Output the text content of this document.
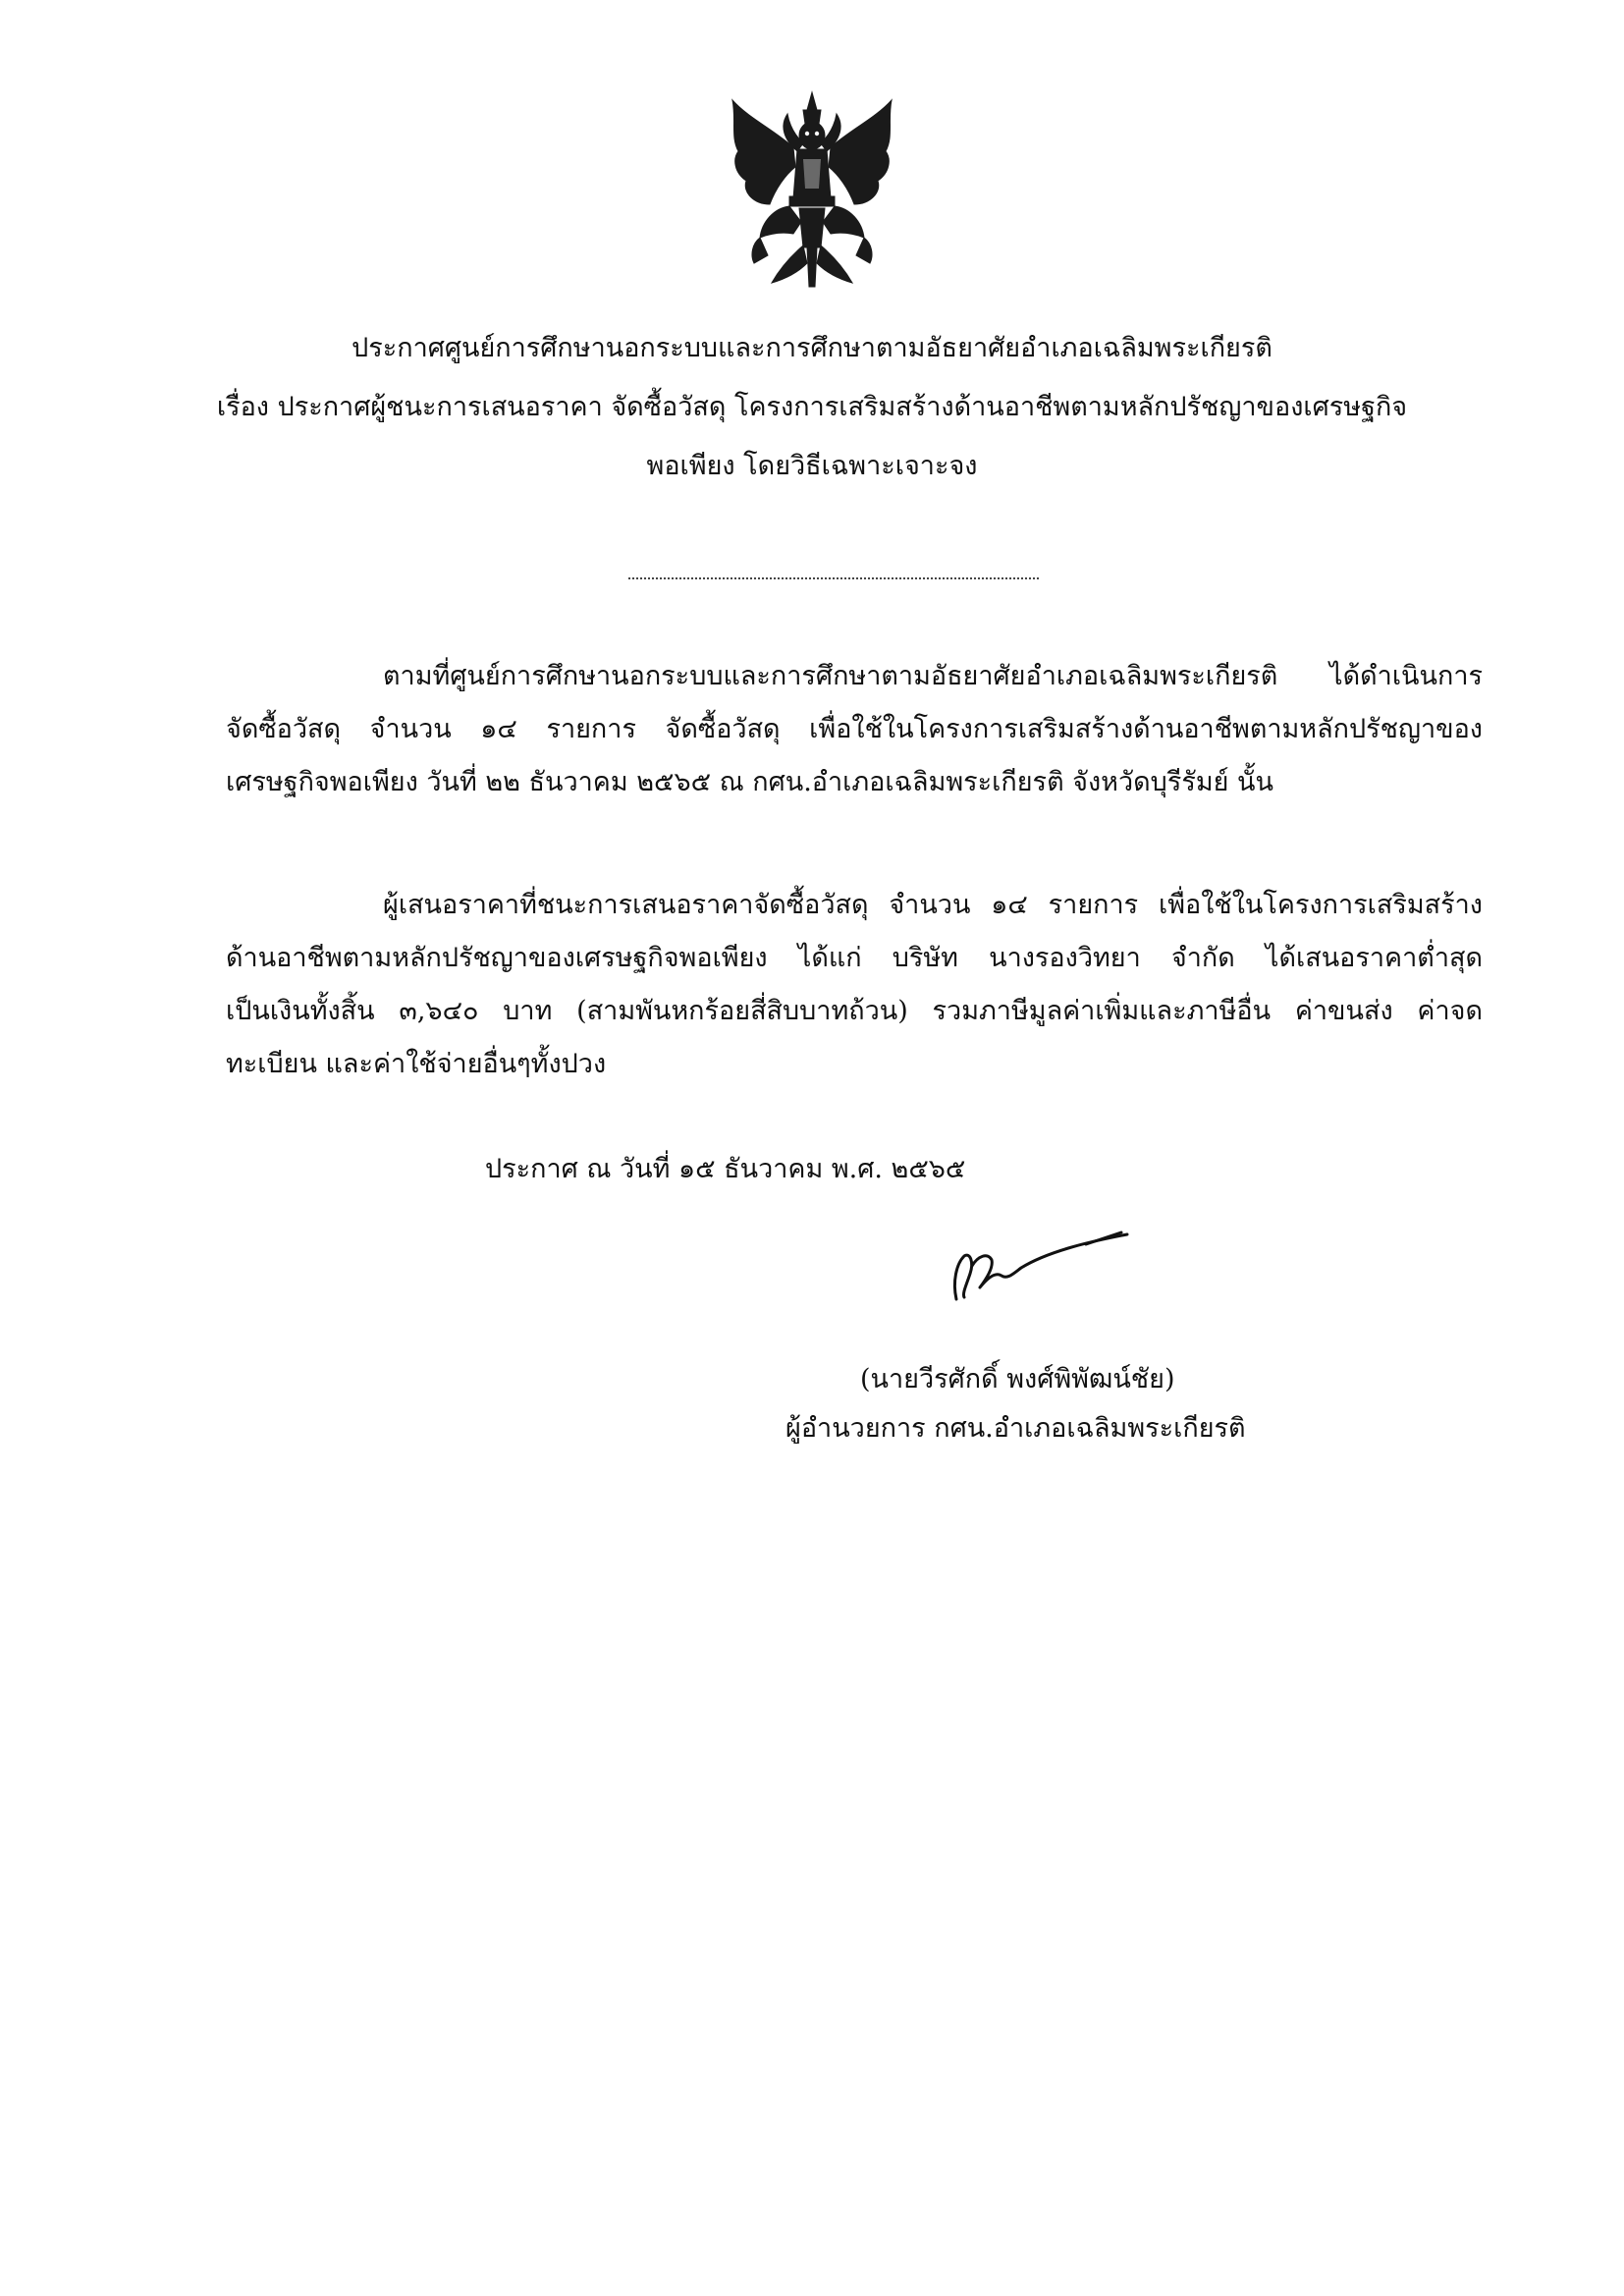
ประกาศศูนย์การศึกษานอกระบบและการศึกษาตามอัธยาศัยอำเภอเฉลิมพระเกียรติ
เรื่อง ประกาศผู้ชนะการเสนอราคา จัดซื้อวัสดุ โครงการเสริมสร้างด้านอาชีพตามหลักปรัชญาของเศรษฐกิจ
พอเพียง โดยวิธีเฉพาะเจาะจง
ตามที่ศูนย์การศึกษานอกระบบและการศึกษาตามอัธยาศัยอำเภอเฉลิมพระเกียรติ ได้ดำเนินการ
จัดซื้อวัสดุ จำนวน ๑๔ รายการ จัดซื้อวัสดุ เพื่อใช้ในโครงการเสริมสร้างด้านอาชีพตามหลักปรัชญาของ
เศรษฐกิจพอเพียง วันที่ ๒๒ ธันวาคม ๒๕๖๕ ณ กศน.อำเภอเฉลิมพระเกียรติ จังหวัดบุรีรัมย์ นั้น
ผู้เสนอราคาที่ชนะการเสนอราคาจัดซื้อวัสดุ จำนวน ๑๔ รายการ เพื่อใช้ในโครงการเสริมสร้าง
ด้านอาชีพตามหลักปรัชญาของเศรษฐกิจพอเพียง ได้แก่ บริษัท นางรองวิทยา จำกัด ได้เสนอราคาต่ำสุด
เป็นเงินทั้งสิ้น ๓,๖๔๐ บาท (สามพันหกร้อยสี่สิบบาทถ้วน) รวมภาษีมูลค่าเพิ่มและภาษีอื่น ค่าขนส่ง ค่าจด
ทะเบียน และค่าใช้จ่ายอื่นๆทั้งปวง
ประกาศ ณ วันที่ ๑๕ ธันวาคม พ.ศ. ๒๕๖๕
(นายวีรศักดิ์ พงศ์พิพัฒน์ชัย)
ผู้อำนวยการ กศน.อำเภอเฉลิมพระเกียรติ
